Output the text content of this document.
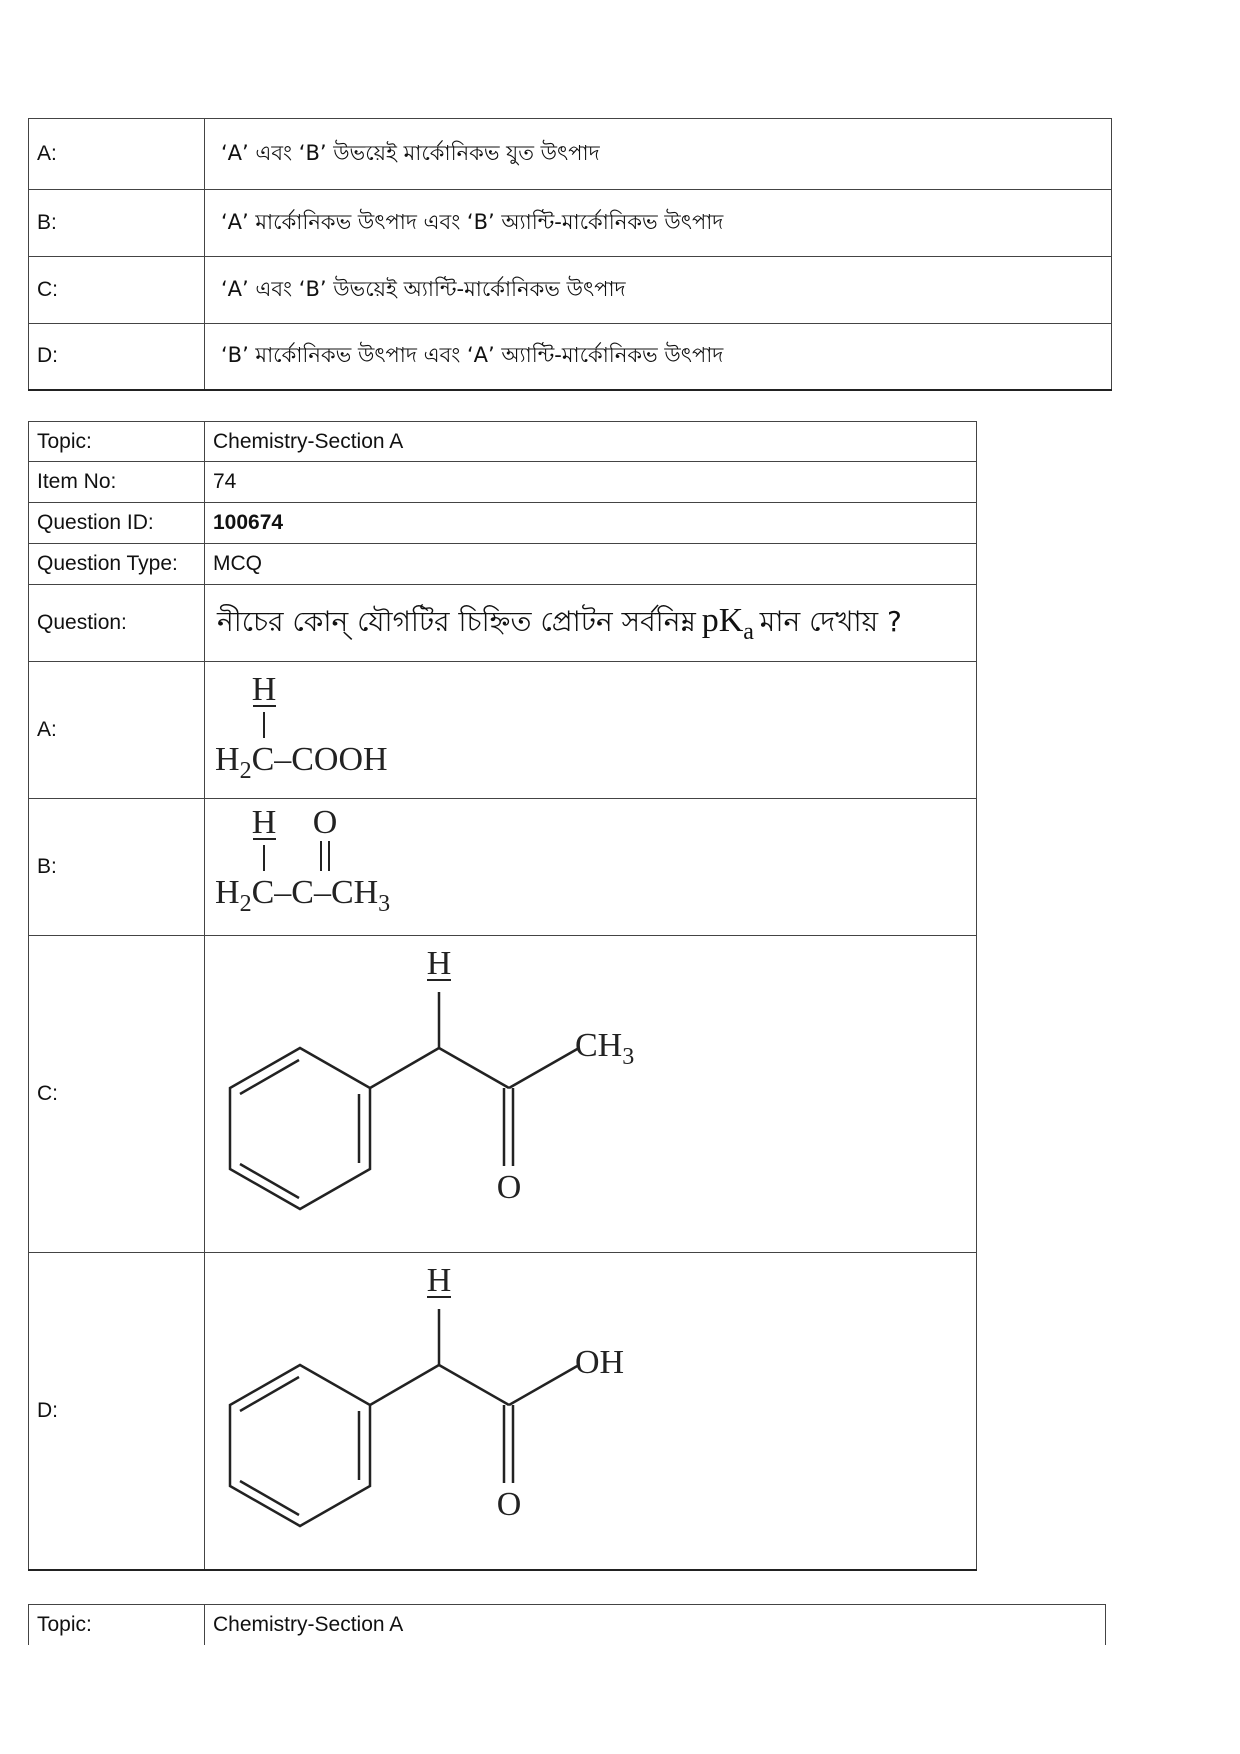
A:	‘A’ এবং ‘B’ উভয়েই মার্কোনিকভ যুত উৎপাদ
B:	‘A’ মার্কোনিকভ উৎপাদ এবং ‘B’ অ্যান্টি-মার্কোনিকভ উৎপাদ
C:	‘A’ এবং ‘B’ উভয়েই অ্যান্টি-মার্কোনিকভ উৎপাদ
D:	‘B’ মার্কোনিকভ উৎপাদ এবং ‘A’ অ্যান্টি-মার্কোনিকভ উৎপাদ
Topic:	Chemistry-Section A
Item No:	74
Question ID:	100674
Question Type:	MCQ
Question:	নীচের কোন্ যৌগটির চিহ্নিত প্রোটন সর্বনিম্ন pKa মান দেখায় ?
A:	H
$H_2C$–COOH

B:	H O
$H_2C-C-CH_3$

C:	H
$CH_3$
O

D:	H
OH
O
Topic:	Chemistry-Section A
